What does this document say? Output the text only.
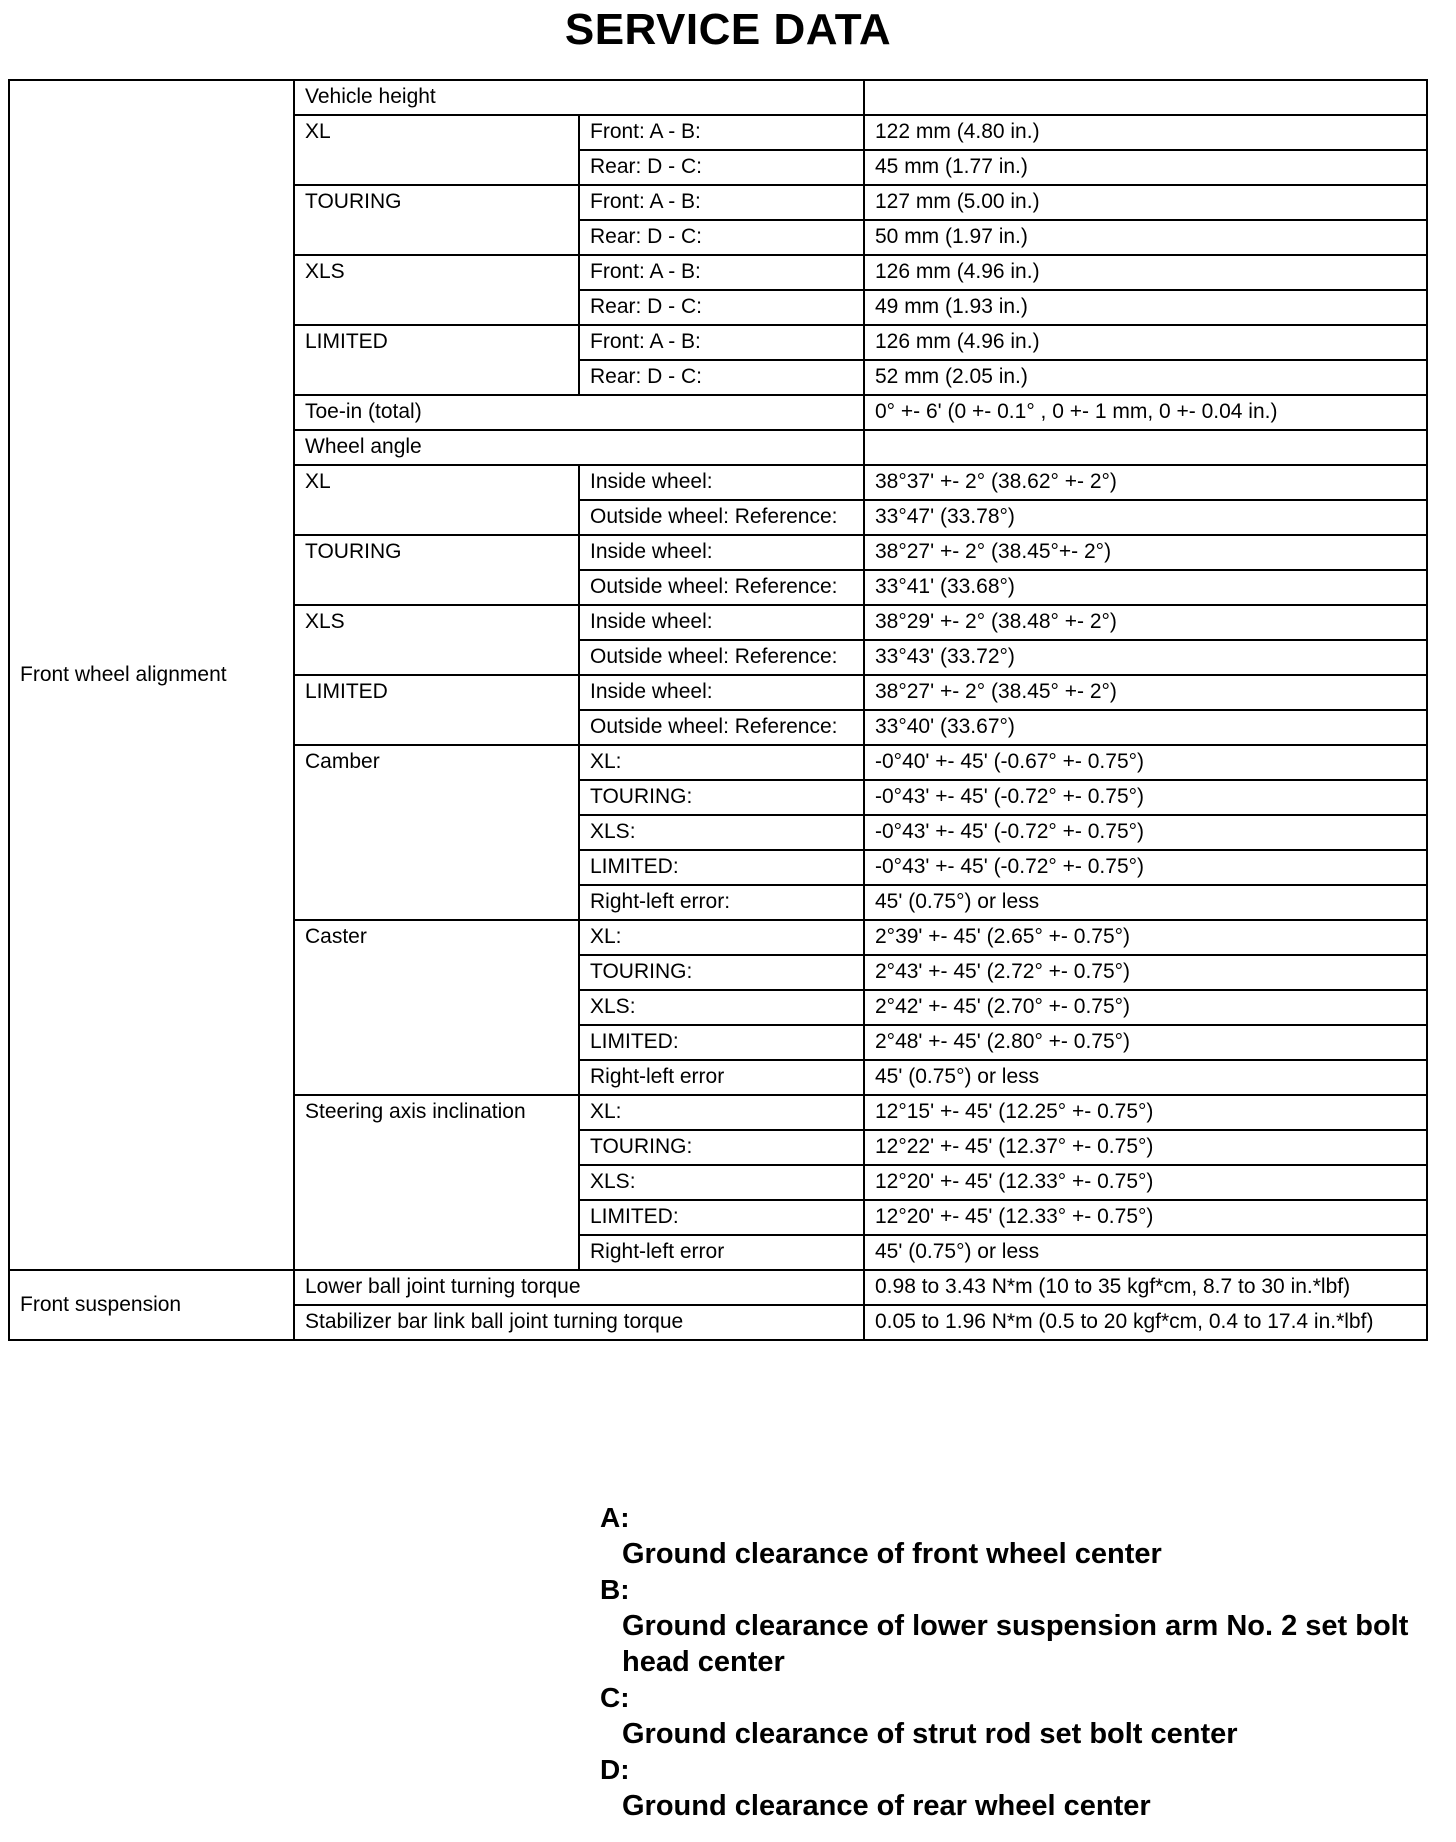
SERVICE DATA
Front wheel alignment	Vehicle height		
	XL	Front: A - B:	122 mm (4.80 in.)
		Rear: D - C:	45 mm (1.77 in.)
	TOURING	Front: A - B:	127 mm (5.00 in.)
		Rear: D - C:	50 mm (1.97 in.)
	XLS	Front: A - B:	126 mm (4.96 in.)
		Rear: D - C:	49 mm (1.93 in.)
	LIMITED	Front: A - B:	126 mm (4.96 in.)
		Rear: D - C:	52 mm (2.05 in.)
	Toe-in (total)		0° +- 6' (0 +- 0.1° , 0 +- 1 mm, 0 +- 0.04 in.)
	Wheel angle		
	XL	Inside wheel:	38°37' +- 2° (38.62° +- 2°)
		Outside wheel: Reference:	33°47' (33.78°)
	TOURING	Inside wheel:	38°27' +- 2° (38.45°+- 2°)
		Outside wheel: Reference:	33°41' (33.68°)
	XLS	Inside wheel:	38°29' +- 2° (38.48° +- 2°)
		Outside wheel: Reference:	33°43' (33.72°)
	LIMITED	Inside wheel:	38°27' +- 2° (38.45° +- 2°)
		Outside wheel: Reference:	33°40' (33.67°)
	Camber	XL:	-0°40' +- 45' (-0.67° +- 0.75°)
		TOURING:	-0°43' +- 45' (-0.72° +- 0.75°)
		XLS:	-0°43' +- 45' (-0.72° +- 0.75°)
		LIMITED:	-0°43' +- 45' (-0.72° +- 0.75°)
		Right-left error:	45' (0.75°) or less
	Caster	XL:	2°39' +- 45' (2.65° +- 0.75°)
		TOURING:	2°43' +- 45' (2.72° +- 0.75°)
		XLS:	2°42' +- 45' (2.70° +- 0.75°)
		LIMITED:	2°48' +- 45' (2.80° +- 0.75°)
		Right-left error	45' (0.75°) or less
	Steering axis inclination	XL:	12°15' +- 45' (12.25° +- 0.75°)
		TOURING:	12°22' +- 45' (12.37° +- 0.75°)
		XLS:	12°20' +- 45' (12.33° +- 0.75°)
		LIMITED:	12°20' +- 45' (12.33° +- 0.75°)
		Right-left error	45' (0.75°) or less
Front suspension	Lower ball joint turning torque		0.98 to 3.43 N*m (10 to 35 kgf*cm, 8.7 to 30 in.*lbf)
	Stabilizer bar link ball joint turning torque		0.05 to 1.96 N*m (0.5 to 20 kgf*cm, 0.4 to 17.4 in.*lbf)
A:
Ground clearance of front wheel center
B:
Ground clearance of lower suspension arm No. 2 set bolt head center
C:
Ground clearance of strut rod set bolt center
D:
Ground clearance of rear wheel center
